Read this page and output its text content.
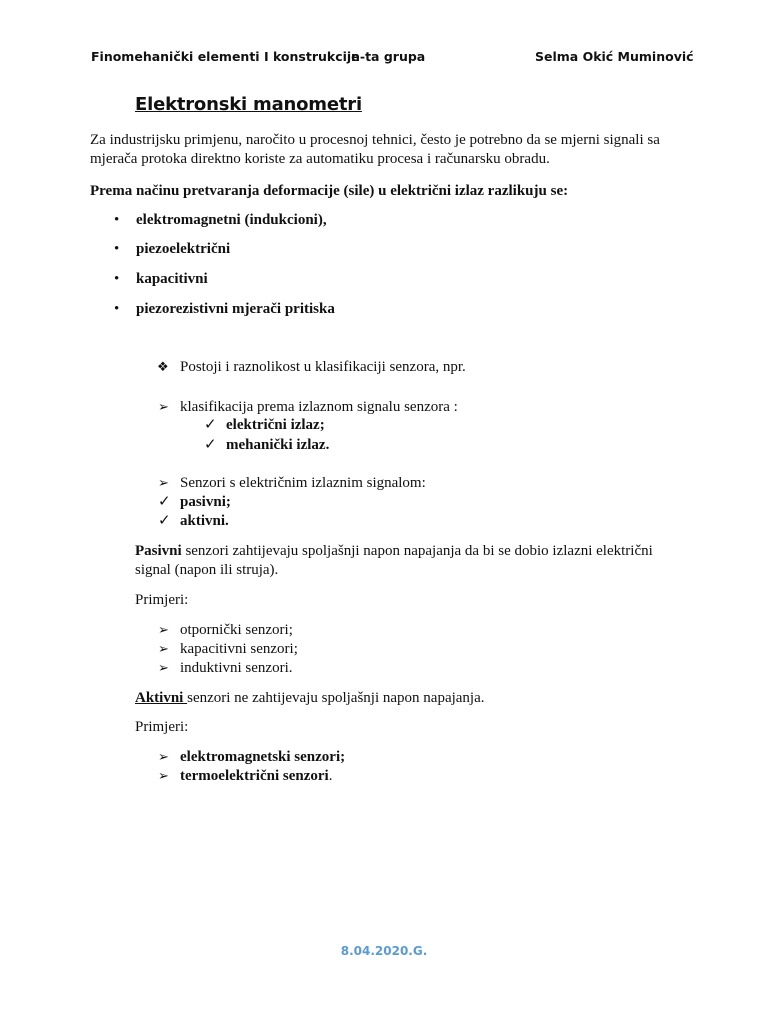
Finomehanički elementi I konstrukcije
n-ta grupa	Selma Okić Muminović
Elektronski manometri
Za industrijsku primjenu, naročito u procesnoj tehnici, često je potrebno da se mjerni signali sa
mjerača protoka direktno koriste za automatiku procesa i računarsku obradu.
Prema načinu pretvaranja deformacije (sile) u električni izlaz razlikuju se:
• elektromagnetni (indukcioni),
• piezoelektrični
• kapacitivni
• piezorezistivni mjerači pritiska
❖ Postoji i raznolikost u klasifikaciji senzora, npr.
➢ klasifikacija prema izlaznom signalu senzora :
✓ električni izlaz;
✓ mehanički izlaz.
➢ Senzori s električnim izlaznim signalom:
✓ pasivni;
✓ aktivni.
Pasivni senzori zahtijevaju spoljašnji napon napajanja da bi se dobio izlazni električni
signal (napon ili struja).
Primjeri:
➢ otpornički senzori;
➢ kapacitivni senzori;
➢ induktivni senzori.
Aktivni senzori ne zahtijevaju spoljašnji napon napajanja.
Primjeri:
➢ elektromagnetski senzori;
➢ termoelektrični senzori.
8.04.2020.G.
